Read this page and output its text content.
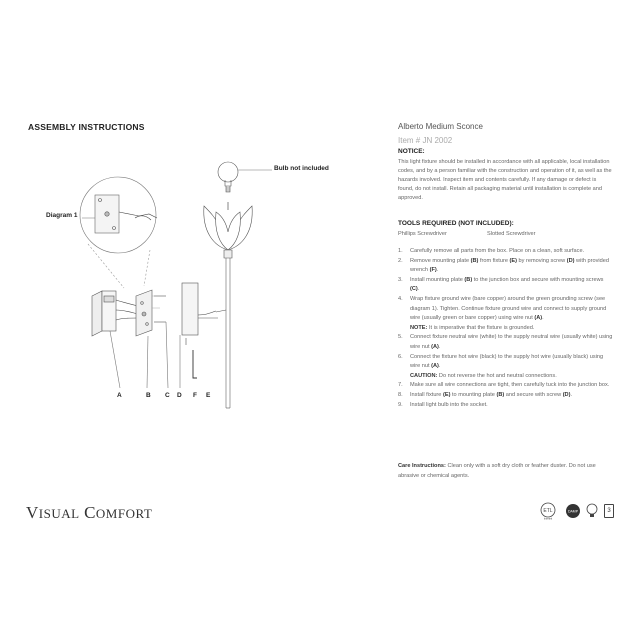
ASSEMBLY INSTRUCTIONS
Diagram 1
Bulb not included
A	B C D F E
Alberto Medium Sconce
Item # JN 2002
NOTICE:
This light fixture should be installed in accordance with all applicable, local installation codes, and by a person familiar with the construction and operation of it, as well as the hazards involved. Inspect item and contents carefully. If any damage or defect is found, do not install. Retain all packaging material until installation is complete and approved.
TOOLS REQUIRED (NOT INCLUDED):
Phillips Screwdriver	Slotted Screwdriver
1. Carefully remove all parts from the box. Place on a clean, soft surface.
2. Remove mounting plate (B) from fixture (E) by removing screw (D) with provided wrench (F).
3. Install mounting plate (B) to the junction box and secure with mounting screws (C).
4. Wrap fixture ground wire (bare copper) around the green grounding screw (see diagram 1). Tighten. Continue fixture ground wire and connect to supply ground wire (usually green or bare copper) using wire nut (A).
NOTE: It is imperative that the fixture is grounded.
5. Connect fixture neutral wire (white) to the supply neutral wire (usually white) using wire nut (A).
6. Connect the fixture hot wire (black) to the supply hot wire (usually black) using wire nut (A).
CAUTION: Do not reverse the hot and neutral connections.
7. Make sure all wire connections are tight, then carefully tuck into the junction box.
8. Install fixture (E) to mounting plate (B) and secure with screw (D).
9. Install light bulb into the socket.
Care Instructions: Clean only with a soft dry cloth or feather duster. Do not use abrasive or chemical agents.
VISUAL COMFORT	ETL
Intertek
DAMP	3
